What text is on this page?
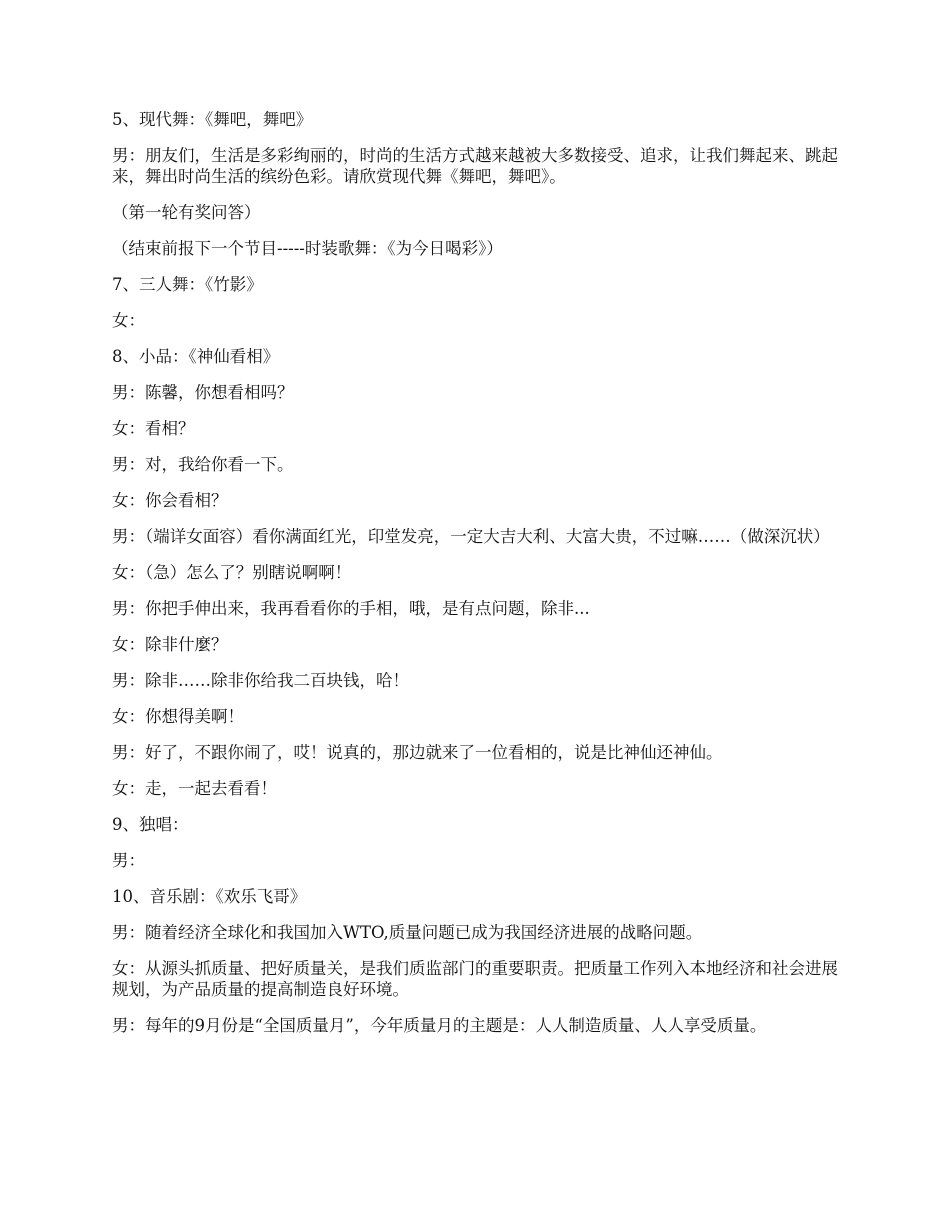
5、现代舞：《舞吧，舞吧》

男：朋友们，生活是多彩绚丽的，时尚的生活方式越来越被大多数接受、追求，让我们舞起来、跳起来，舞出时尚生活的缤纷色彩。请欣赏现代舞《舞吧，舞吧》。

（第一轮有奖问答）

（结束前报下一个节目-----时装歌舞：《为今日喝彩》）

7、三人舞：《竹影》

女：

8、小品：《神仙看相》

男：陈馨，你想看相吗？

女：看相？

男：对，我给你看一下。

女：你会看相？

男：（端详女面容）看你满面红光，印堂发亮，一定大吉大利、大富大贵，不过嘛……（做深沉状）

女：（急）怎么了？别瞎说啊啊！

男：你把手伸出来，我再看看你的手相，哦，是有点问题，除非...

女：除非什麼？

男：除非……除非你给我二百块钱，哈！

女：你想得美啊！

男：好了，不跟你闹了，哎！说真的，那边就来了一位看相的，说是比神仙还神仙。

女：走，一起去看看！

9、独唱：

男：

10、音乐剧：《欢乐飞哥》

男：随着经济全球化和我国加入WTO,质量问题已成为我国经济进展的战略问题。

女：从源头抓质量、把好质量关，是我们质监部门的重要职责。把质量工作列入本地经济和社会进展规划，为产品质量的提高制造良好环境。

男：每年的9月份是“全国质量月”，今年质量月的主题是：人人制造质量、人人享受质量。
